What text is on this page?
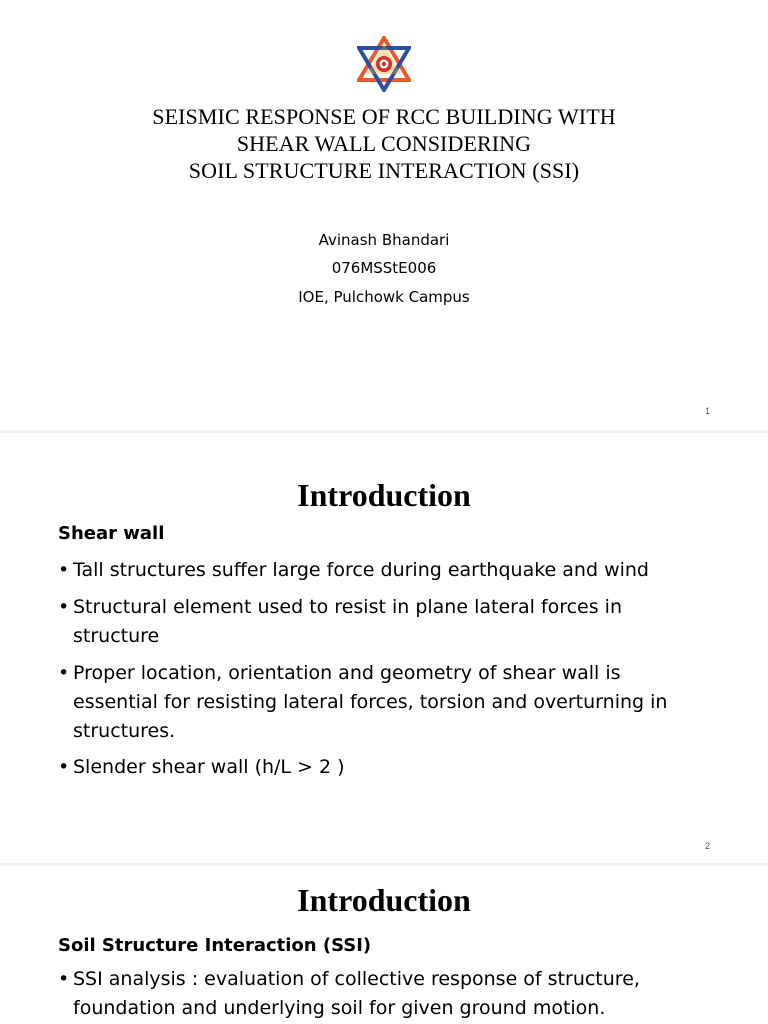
SEISMIC RESPONSE OF RCC BUILDING WITH
SHEAR WALL CONSIDERING
SOIL STRUCTURE INTERACTION (SSI)
Avinash Bhandari
076MSStE006
IOE, Pulchowk Campus
1
Introduction
Shear wall
• Tall structures suffer large force during earthquake and wind
• Structural element used to resist in plane lateral forces in structure
• Proper location, orientation and geometry of shear wall is essential for resisting lateral forces, torsion and overturning in structures.
• Slender shear wall (h/L > 2 )
2
Introduction
Soil Structure Interaction (SSI)
• SSI analysis : evaluation of collective response of structure, foundation and underlying soil for given ground motion.
